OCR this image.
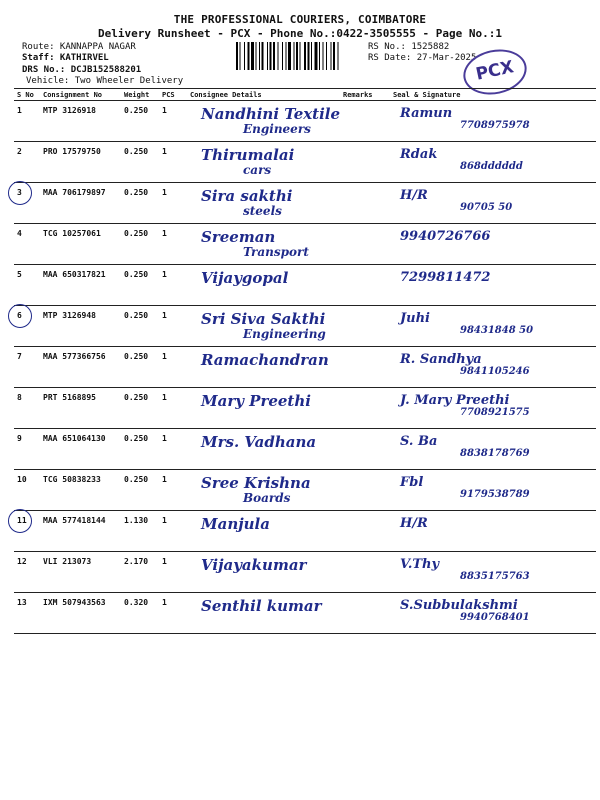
THE PROFESSIONAL COURIERS, COIMBATORE
Delivery Runsheet - PCX - Phone No.:0422-3505555 - Page No.:1
Route: KANNAPPA NAGAR
Staff: KATHIRVEL
DRS No.: DCJB152588201
Vehicle: Two Wheeler Delivery
RS No.: 1525882
RS Date: 27-Mar-2025
PCX
S No	Consignment No	Weight	PCS	Consignee Details	Remarks	Seal & Signature
1	MTP 3126918	0.250	1	Nandhini Textile
Engineers		Ramun
7708975978

2	PRO 17579750	0.250	1	Thirumalai
cars		Rdak
868dddddd

3	MAA 706179897	0.250	1	Sira sakthi
steels		H/R
90705 50

4	TCG 10257061	0.250	1	Sreeman
Transport		9940726766

5	MAA 650317821	0.250	1	Vijaygopal		7299811472

6	MTP 3126948	0.250	1	Sri Siva Sakthi
Engineering		Juhi
98431848 50

7	MAA 577366756	0.250	1	Ramachandran		R. Sandhya
9841105246

8	PRT 5168895	0.250	1	Mary Preethi		J. Mary Preethi
7708921575

9	MAA 651064130	0.250	1	Mrs. Vadhana		S. Ba
8838178769

10	TCG 50838233	0.250	1	Sree Krishna
Boards		Fbl
9179538789

11	MAA 577418144	1.130	1	Manjula		H/R

12	VLI 213073	2.170	1	Vijayakumar		V.Thy
8835175763

13	IXM 507943563	0.320	1	Senthil kumar		S.Subbulakshmi
9940768401
